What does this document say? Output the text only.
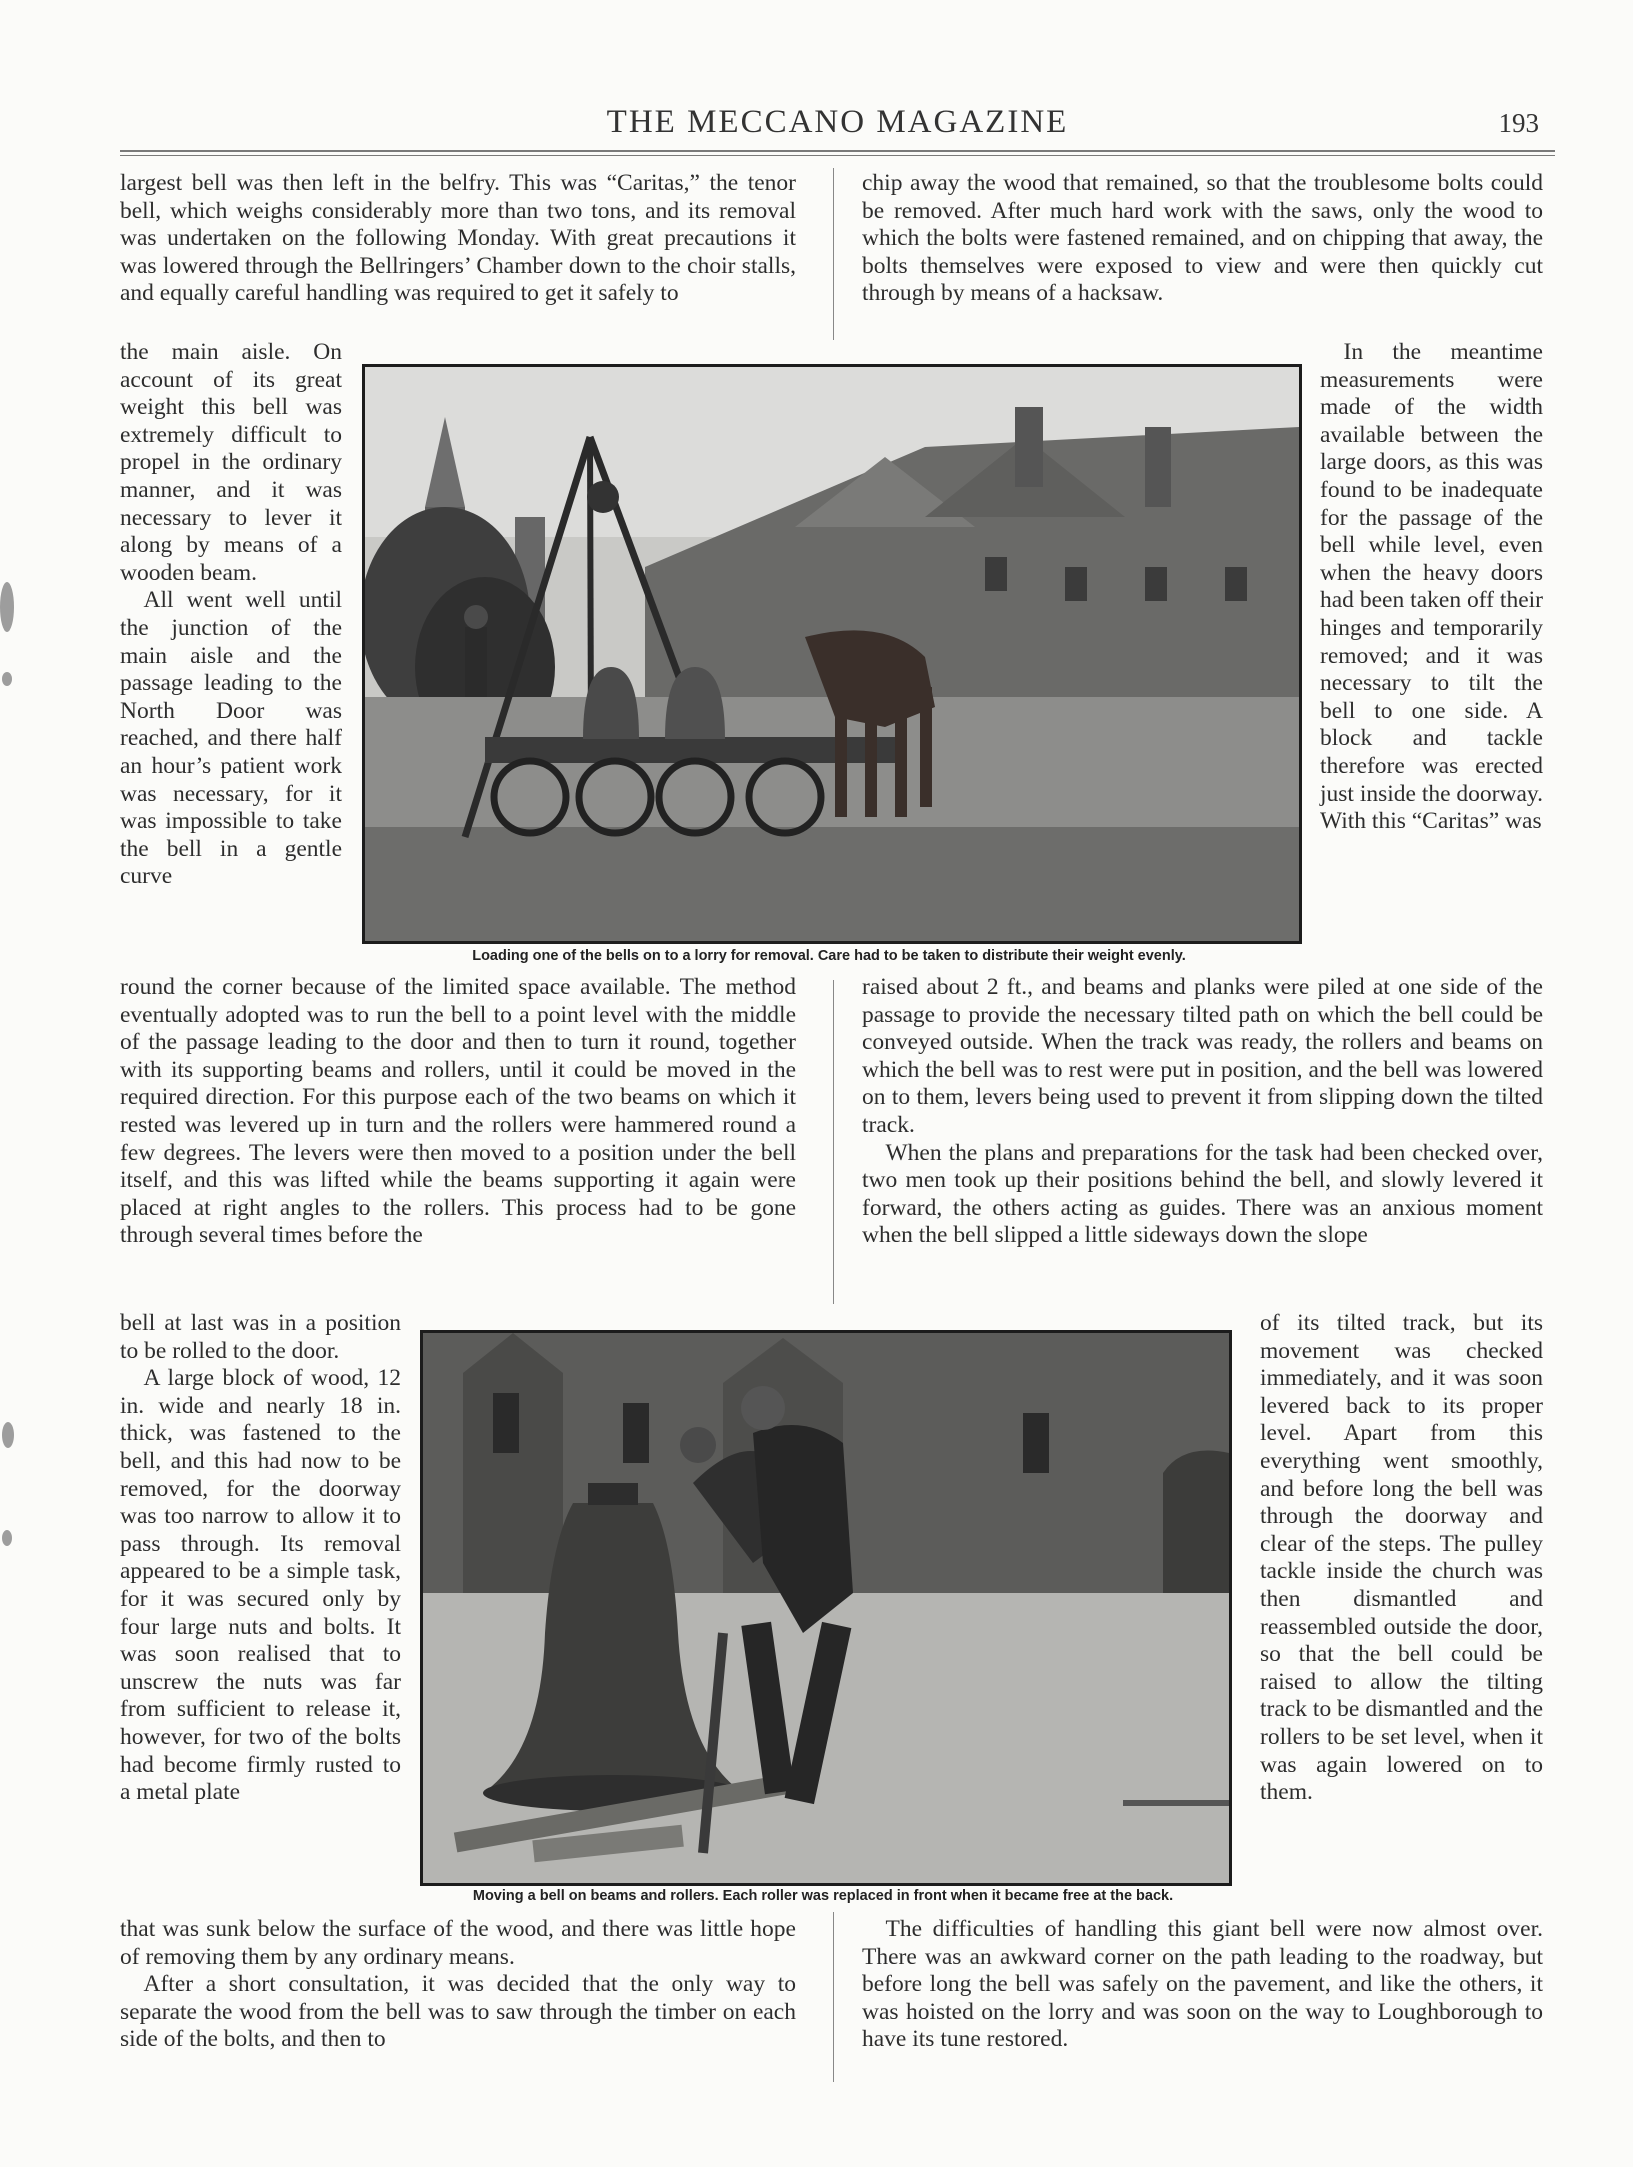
THE MECCANO MAGAZINE	193

largest bell was then left in the belfry. This was “Caritas,” the tenor bell, which weighs considerably more than two tons, and its removal was undertaken on the following Monday. With great precautions it was lowered through the Bellringers’ Chamber down to the choir stalls, and equally careful handling was required to get it safely to

the main aisle. On account of its great weight this bell was extremely difficult to propel in the ordinary manner, and it was necessary to lever it along by means of a wooden beam.
 All went well until the junction of the main aisle and the passage leading to the North Door was reached, and there half an hour’s patient work was necessary, for it was impossible to take the bell in a gentle curve

round the corner because of the limited space available. The method eventually adopted was to run the bell to a point level with the middle of the passage leading to the door and then to turn it round, together with its supporting beams and rollers, until it could be moved in the required direction. For this purpose each of the two beams on which it rested was levered up in turn and the rollers were hammered round a few degrees. The levers were then moved to a position under the bell itself, and this was lifted while the beams supporting it again were placed at right angles to the rollers. This process had to be gone through several times before the

bell at last was in a position to be rolled to the door.
 A large block of wood, 12 in. wide and nearly 18 in. thick, was fastened to the bell, and this had now to be removed, for the doorway was too narrow to allow it to pass through. Its removal appeared to be a simple task, for it was secured only by four large nuts and bolts. It was soon realised that to unscrew the nuts was far from sufficient to release it, however, for two of the bolts had become firmly rusted to a metal plate

that was sunk below the surface of the wood, and there was little hope of removing them by any ordinary means.
 After a short consultation, it was decided that the only way to separate the wood from the bell was to saw through the timber on each side of the bolts, and then to

chip away the wood that remained, so that the troublesome bolts could be removed. After much hard work with the saws, only the wood to which the bolts were fastened remained, and on chipping that away, the bolts themselves were exposed to view and were then quickly cut through by means of a hacksaw.

 In the meantime measurements were made of the width available between the large doors, as this was found to be inadequate for the passage of the bell while level, even when the heavy doors had been taken off their hinges and temporarily removed; and it was necessary to tilt the bell to one side. A block and tackle therefore was erected just inside the doorway. With this “Caritas” was

raised about 2 ft., and beams and planks were piled at one side of the passage to provide the necessary tilted path on which the bell could be conveyed outside. When the track was ready, the rollers and beams on which the bell was to rest were put in position, and the bell was lowered on to them, levers being used to prevent it from slipping down the tilted track.
 When the plans and preparations for the task had been checked over, two men took up their positions behind the bell, and slowly levered it forward, the others acting as guides. There was an anxious moment when the bell slipped a little sideways down the slope

of its tilted track, but its movement was checked immediately, and it was soon levered back to its proper level. Apart from this everything went smoothly, and before long the bell was through the doorway and clear of the steps. The pulley tackle inside the church was then dismantled and reassembled outside the door, so that the bell could be raised to allow the tilting track to be dismantled and the rollers to be set level, when it was again lowered on to them.

 The difficulties of handling this giant bell were now almost over. There was an awkward corner on the path leading to the roadway, but before long the bell was safely on the pavement, and like the others, it was hoisted on the lorry and was soon on the way to Loughborough to have its tune restored.

Loading one of the bells on to a lorry for removal. Care had to be taken to distribute their weight evenly.

Moving a bell on beams and rollers. Each roller was replaced in front when it became free at the back.
